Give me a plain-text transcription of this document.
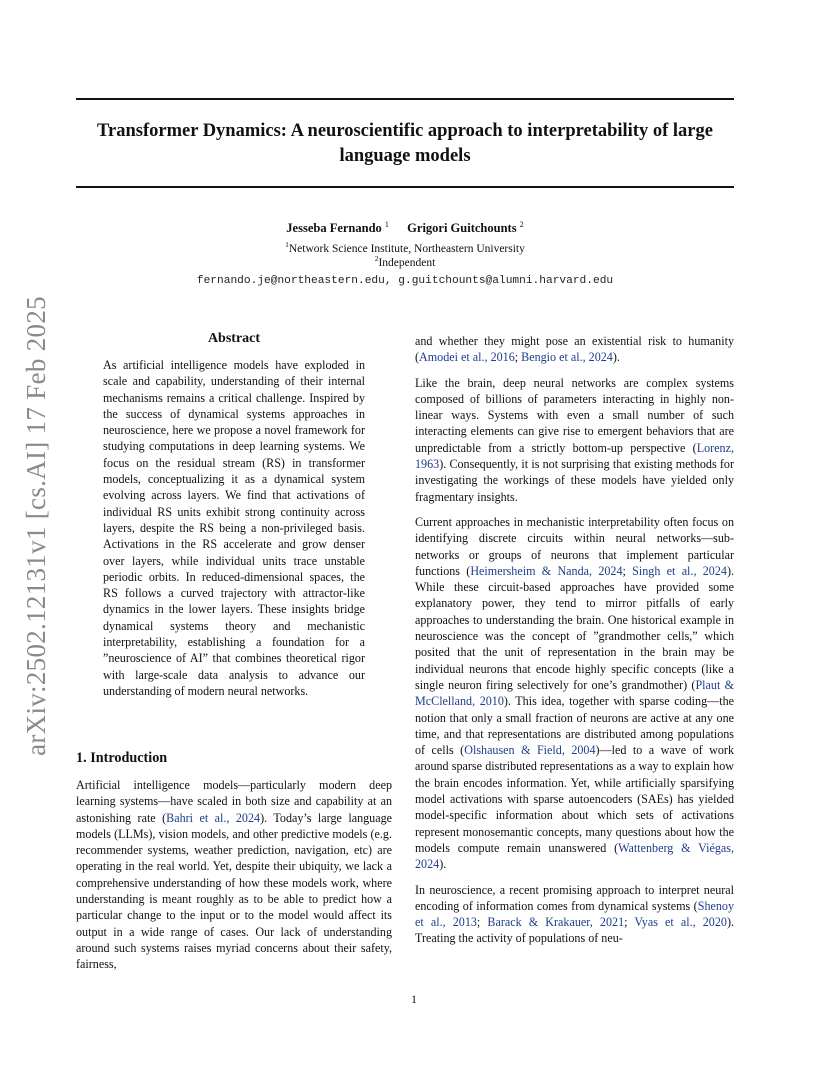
arXiv:2502.12131v1 [cs.AI] 17 Feb 2025
Transformer Dynamics: A neuroscientific approach to interpretability of large language models
Jesseba Fernando $^1$ Grigori Guitchounts $^2$
$^1$Network Science Institute, Northeastern University
$^2$Independent
fernando.je@northeastern.edu, g.guitchounts@alumni.harvard.edu
Abstract

As artificial intelligence models have exploded in scale and capability, understanding of their internal mechanisms remains a critical challenge. Inspired by the success of dynamical systems approaches in neuroscience, here we propose a novel framework for studying computations in deep learning systems. We focus on the residual stream (RS) in transformer models, conceptualizing it as a dynamical system evolving across layers. We find that activations of individual RS units exhibit strong continuity across layers, despite the RS being a non-privileged basis. Activations in the RS accelerate and grow denser over layers, while individual units trace unstable periodic orbits. In reduced-dimensional spaces, the RS follows a curved trajectory with attractor-like dynamics in the lower layers. These insights bridge dynamical systems theory and mechanistic interpretability, establishing a foundation for a ”neuroscience of AI” that combines theoretical rigor with large-scale data analysis to advance our understanding of modern neural networks.

1. Introduction

Artificial intelligence models—particularly modern deep learning systems—have scaled in both size and capability at an astonishing rate (Bahri et al., 2024). Today’s large language models (LLMs), vision models, and other predictive models (e.g. recommender systems, weather prediction, navigation, etc) are operating in the real world. Yet, despite their ubiquity, we lack a comprehensive understanding of how these models work, where understanding is meant roughly as to be able to predict how a particular change to the input or to the model would affect its output in a wide range of cases. Our lack of understanding around such systems raises myriad concerns about their safety, fairness,

and whether they might pose an existential risk to humanity (Amodei et al., 2016; Bengio et al., 2024).

Like the brain, deep neural networks are complex systems composed of billions of parameters interacting in highly non-linear ways. Systems with even a small number of such interacting elements can give rise to emergent behaviors that are unpredictable from a strictly bottom-up perspective (Lorenz, 1963). Consequently, it is not surprising that existing methods for investigating the workings of these models have yielded only fragmentary insights.

Current approaches in mechanistic interpretability often focus on identifying discrete circuits within neural networks—sub-networks or groups of neurons that implement particular functions (Heimersheim & Nanda, 2024; Singh et al., 2024). While these circuit-based approaches have provided some explanatory power, they tend to mirror pitfalls of early approaches to understanding the brain. One historical example in neuroscience was the concept of ”grandmother cells,” which posited that the unit of representation in the brain may be individual neurons that encode highly specific concepts (like a single neuron firing selectively for one’s grandmother) (Plaut & McClelland, 2010). This idea, together with sparse coding—the notion that only a small fraction of neurons are active at any one time, and that representations are distributed among populations of cells (Olshausen & Field, 2004)—led to a wave of work around sparse distributed representations as a way to explain how the brain encodes information. Yet, while artificially sparsifying model activations with sparse autoencoders (SAEs) has yielded model-specific information about which sets of activations represent monosemantic concepts, many questions about how the models compute remain unanswered (Wattenberg & Viégas, 2024).

In neuroscience, a recent promising approach to interpret neural encoding of information comes from dynamical systems (Shenoy et al., 2013; Barack & Krakauer, 2021; Vyas et al., 2020). Treating the activity of populations of neu-

1
